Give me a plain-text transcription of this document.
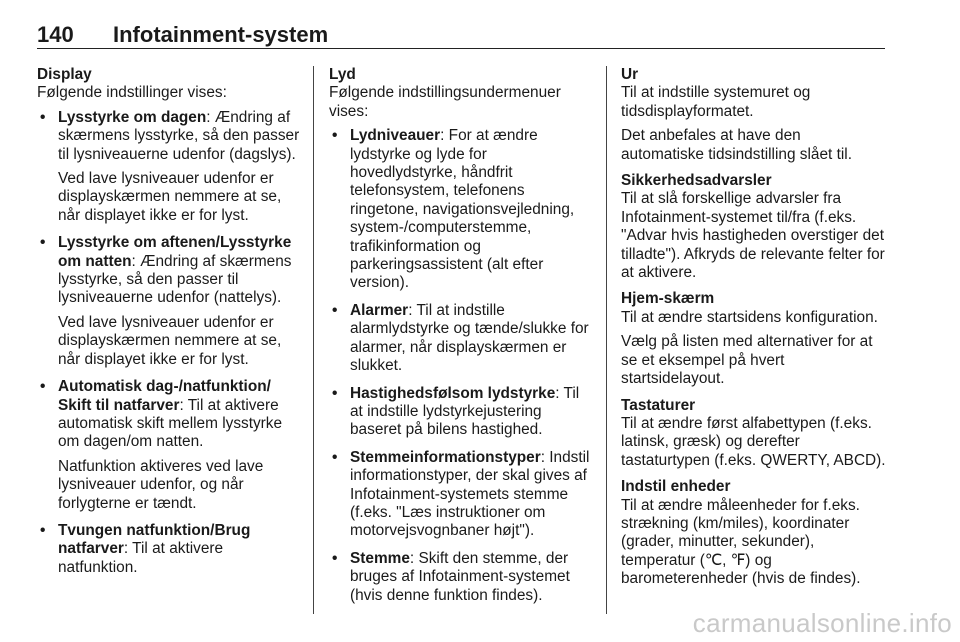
140 Infotainment-system
Display

Følgende indstillinger vises:

• Lysstyrke om dagen: Ændring af skærmens lysstyrke, så den passer til lysniveauerne udenfor (dagslys).
Ved lave lysniveauer udenfor er displayskærmen nemmere at se, når displayet ikke er for lyst.
• Lysstyrke om aftenen/Lysstyrke om natten: Ændring af skærmens lysstyrke, så den passer til lysniveauerne udenfor (nattelys).
Ved lave lysniveauer udenfor er displayskærmen nemmere at se, når displayet ikke er for lyst.
• Automatisk dag-/natfunktion/ Skift til natfarver: Til at aktivere automatisk skift mellem lysstyrke om dagen/om natten.
Natfunktion aktiveres ved lave lysniveauer udenfor, og når forlygterne er tændt.
• Tvungen natfunktion/Brug natfarver: Til at aktivere natfunktion.
Lyd

Følgende indstillingsundermenuer vises:

• Lydniveauer: For at ændre lydstyrke og lyde for hovedlydstyrke, håndfrit telefonsystem, telefonens ringetone, navigationsvejledning, system-/computerstemme, trafikinformation og parkeringsassistent (alt efter version).
• Alarmer: Til at indstille alarmlydstyrke og tænde/slukke for alarmer, når displayskærmen er slukket.
• Hastighedsfølsom lydstyrke: Til at indstille lydstyrkejustering baseret på bilens hastighed.
• Stemmeinformationstyper: Indstil informationstyper, der skal gives af Infotainment-systemets stemme (f.eks. "Læs instruktioner om motorvejsvognbaner højt").
• Stemme: Skift den stemme, der bruges af Infotainment-systemet (hvis denne funktion findes).
Ur

Til at indstille systemuret og tidsdisplayformatet.

Det anbefales at have den automatiske tidsindstilling slået til.

Sikkerhedsadvarsler

Til at slå forskellige advarsler fra Infotainment-systemet til/fra (f.eks. "Advar hvis hastigheden overstiger det tilladte"). Afkryds de relevante felter for at aktivere.

Hjem-skærm

Til at ændre startsidens konfiguration.

Vælg på listen med alternativer for at se et eksempel på hvert startsidelayout.

Tastaturer

Til at ændre først alfabettypen (f.eks. latinsk, græsk) og derefter tastaturtypen (f.eks. QWERTY, ABCD).

Indstil enheder

Til at ændre måleenheder for f.eks. strækning (km/miles), koordinater (grader, minutter, sekunder), temperatur (℃, ℉) og barometerenheder (hvis de findes).

carmanualsonline.info
